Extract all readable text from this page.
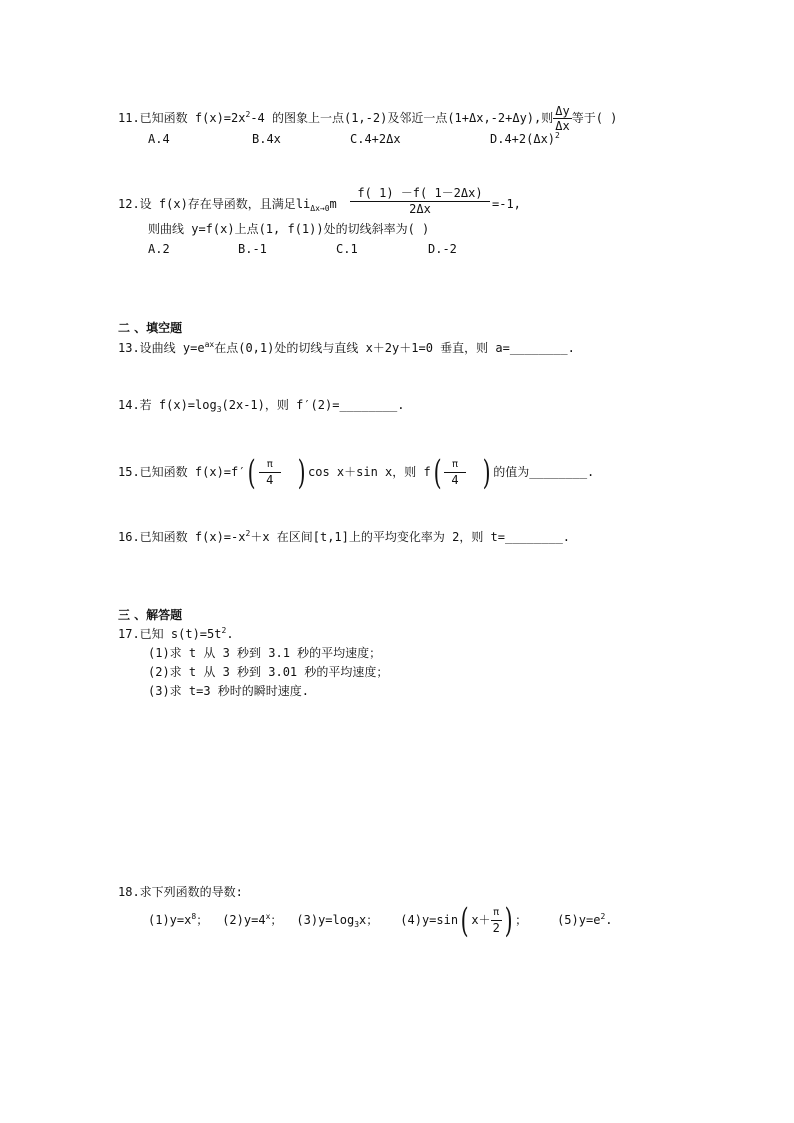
11.已知函数 $f(x)=2x^2-4$ 的图象上一点(1,-2)及邻近一点(1+Δx,-2+Δy),则 $\frac{\Delta y}{\Delta x}$ 等于( )
A.4	B.4x	C.4+2Δx	$D.4+2(\Delta x)^2$
12.设 f(x)存在导函数，且满足$li_{\Delta x\to 0}m \frac{f( 1) -f( 1-2\Delta x)}{2\Delta x} =-1$,
则曲线 y=f(x)上点(1, f(1))处的切线斜率为( )
A.2	B.-1	C.1	D.-2
二 、填空题
13.设曲线 $y=e^{ax}$在点(0,1)处的切线与直线 x＋2y＋1=0 垂直，则 a=________.
14.若 $f(x)=\log_3(2x-1)$，则 f′(2)=________.
15.已知函数 $f(x)=f'( \frac{\pi}{4}$ ) cos x＋sin x，则 $f( \frac{\pi}{4}$ ) 的值为________.
16.已知函数 $f(x)=-x^2+x$ 在区间[t,1]上的平均变化率为 2，则 t=________.
三 、解答题
17.已知 $s(t)=5t^2$.
(1)求 t 从 3 秒到 3.1 秒的平均速度；
(2)求 t 从 3 秒到 3.01 秒的平均速度；
(3)求 t=3 秒时的瞬时速度.
18.求下列函数的导数:
$(1)y=x^8$； $(2)y=4^x$； $(3)y=\log_3x$； (4)y=sin( $x+ \frac{\pi}{2}$ ) ；	$(5)y=e^2$.
